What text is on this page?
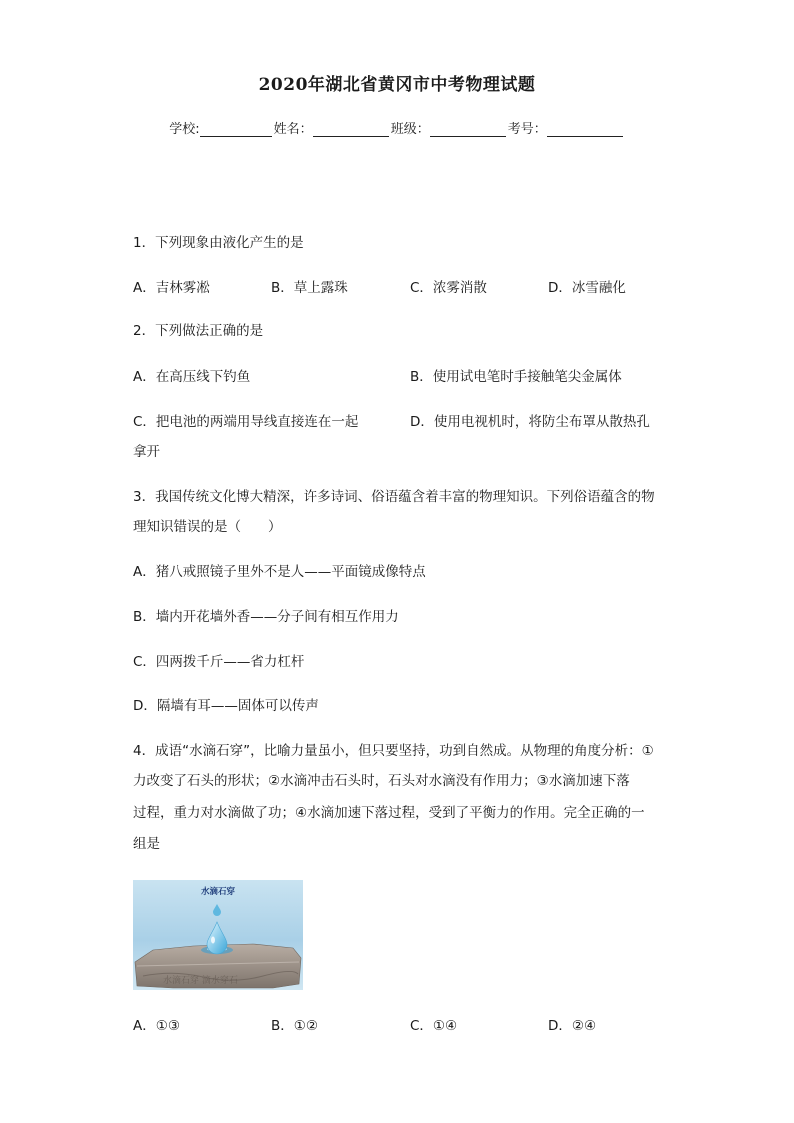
2020年湖北省黄冈市中考物理试题
学校:	姓名：	班级：	考号：
1．下列现象由液化产生的是
A．吉林雾凇	B．草上露珠	C．浓雾消散	D．冰雪融化
2．下列做法正确的是
A．在高压线下钓鱼	B．使用试电笔时手接触笔尖金属体
C．把电池的两端用导线直接连在一起	D．使用电视机时，将防尘布罩从散热孔
拿开
3．我国传统文化博大精深，许多诗词、俗语蕴含着丰富的物理知识。下列俗语蕴含的物
理知识错误的是（　　）
A．猪八戒照镜子里外不是人——平面镜成像特点
B．墙内开花墙外香——分子间有相互作用力
C．四两拨千斤——省力杠杆
D．隔墙有耳——固体可以传声
4．成语“水滴石穿”，比喻力量虽小，但只要坚持，功到自然成。从物理的角度分析：①
力改变了石头的形状；②水滴冲击石头时，石头对水滴没有作用力；③水滴加速下落
过程，重力对水滴做了功；④水滴加速下落过程，受到了平衡力的作用。完全正确的一
组是
水滴石穿
水滴石穿 滴水穿石
A．①③	B．①②	C．①④	D．②④
